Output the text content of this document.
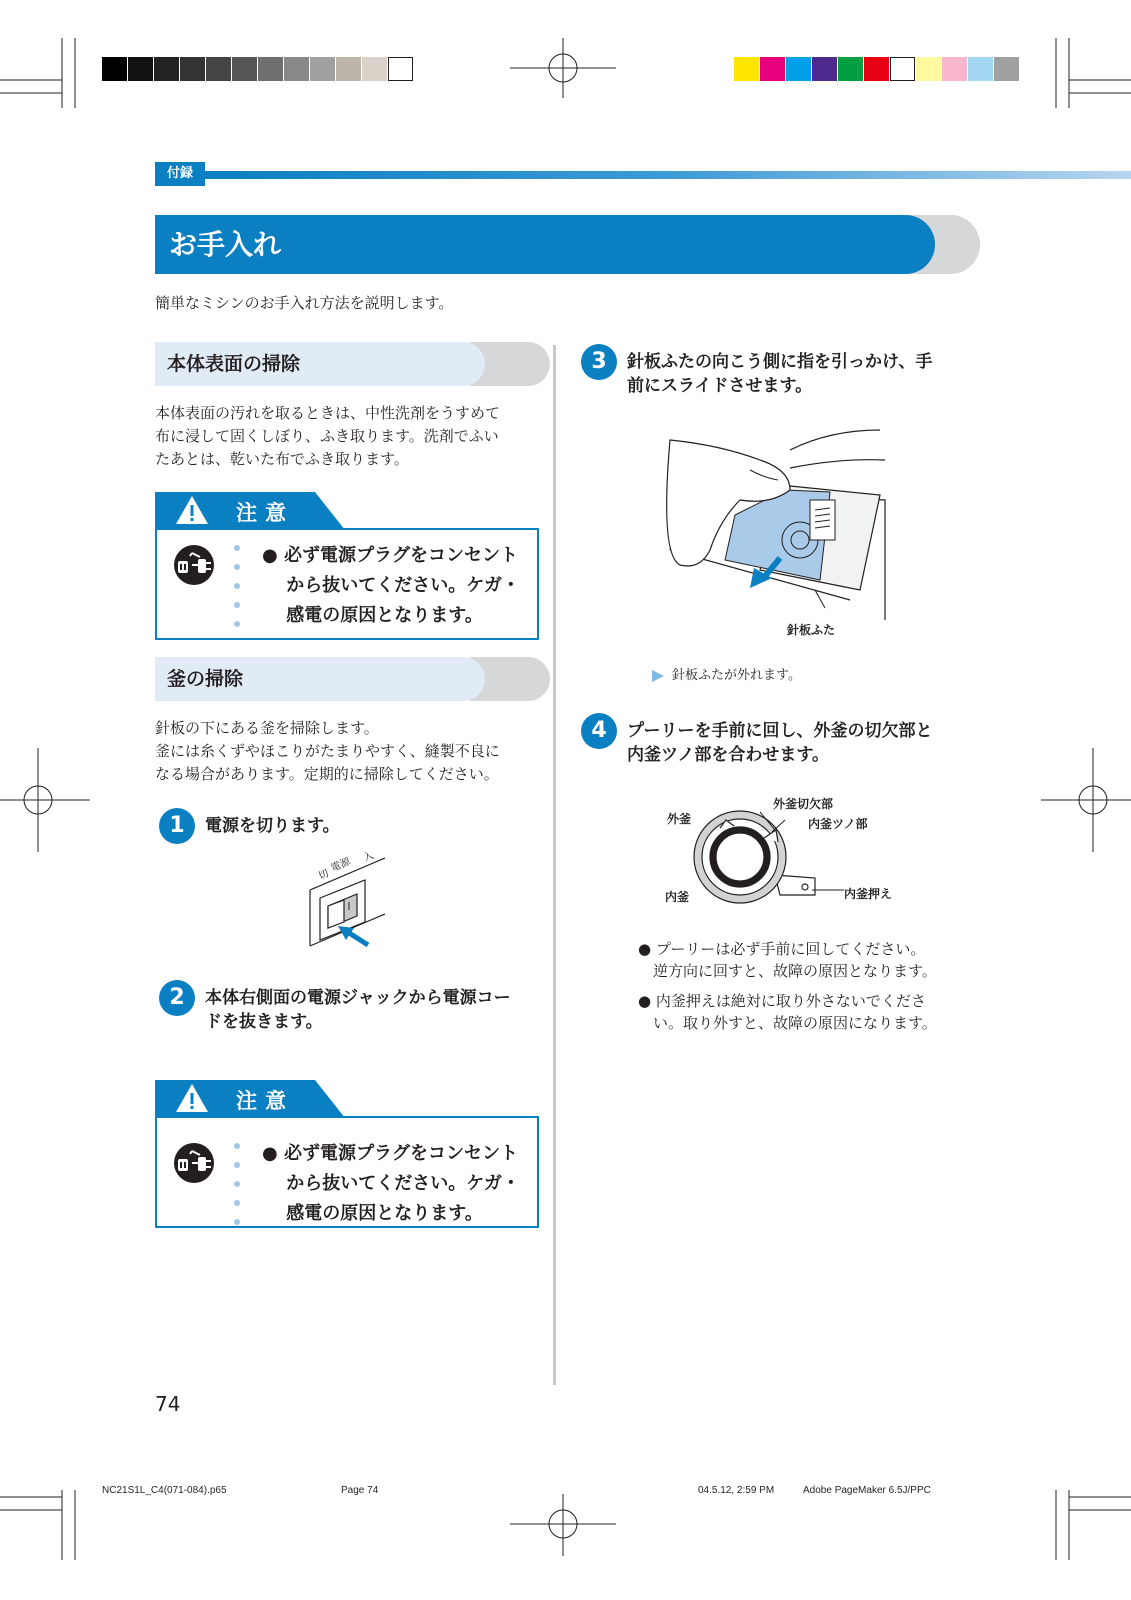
付録
お手入れ
簡単なミシンのお手入れ方法を説明します。
本体表面の掃除
本体表面の汚れを取るときは、中性洗剤をうすめて
布に浸して固くしぼり、ふき取ります。洗剤でふい
たあとは、乾いた布でふき取ります。
注意
● 必ず電源プラグをコンセント
　 から抜いてください。ケガ・
　 感電の原因となります。
釜の掃除
針板の下にある釜を掃除します。
釜には糸くずやほこりがたまりやすく、縫製不良に
なる場合があります。定期的に掃除してください。
1	電源を切ります。
切
電源 入
2	本体右側面の電源ジャックから電源コー
ドを抜きます。
注意
● 必ず電源プラグをコンセント
　 から抜いてください。ケガ・
　 感電の原因となります。
3	針板ふたの向こう側に指を引っかけ、手
前にスライドさせます。
針板ふた
針板ふたが外れます。
4	プーリーを手前に回し、外釜の切欠部と
内釜ツノ部を合わせます。
外釜切欠部
外釜	内釜ツノ部
内釜	内釜押え
● プーリーは必ず手前に回してください。
　逆方向に回すと、故障の原因となります。
● 内釜押えは絶対に取り外さないでくださ
　い。取り外すと、故障の原因になります。
74
NC21S1L_C4(071-084).p65	Page 74	04.5.12, 2:59 PM	Adobe PageMaker 6.5J/PPC
